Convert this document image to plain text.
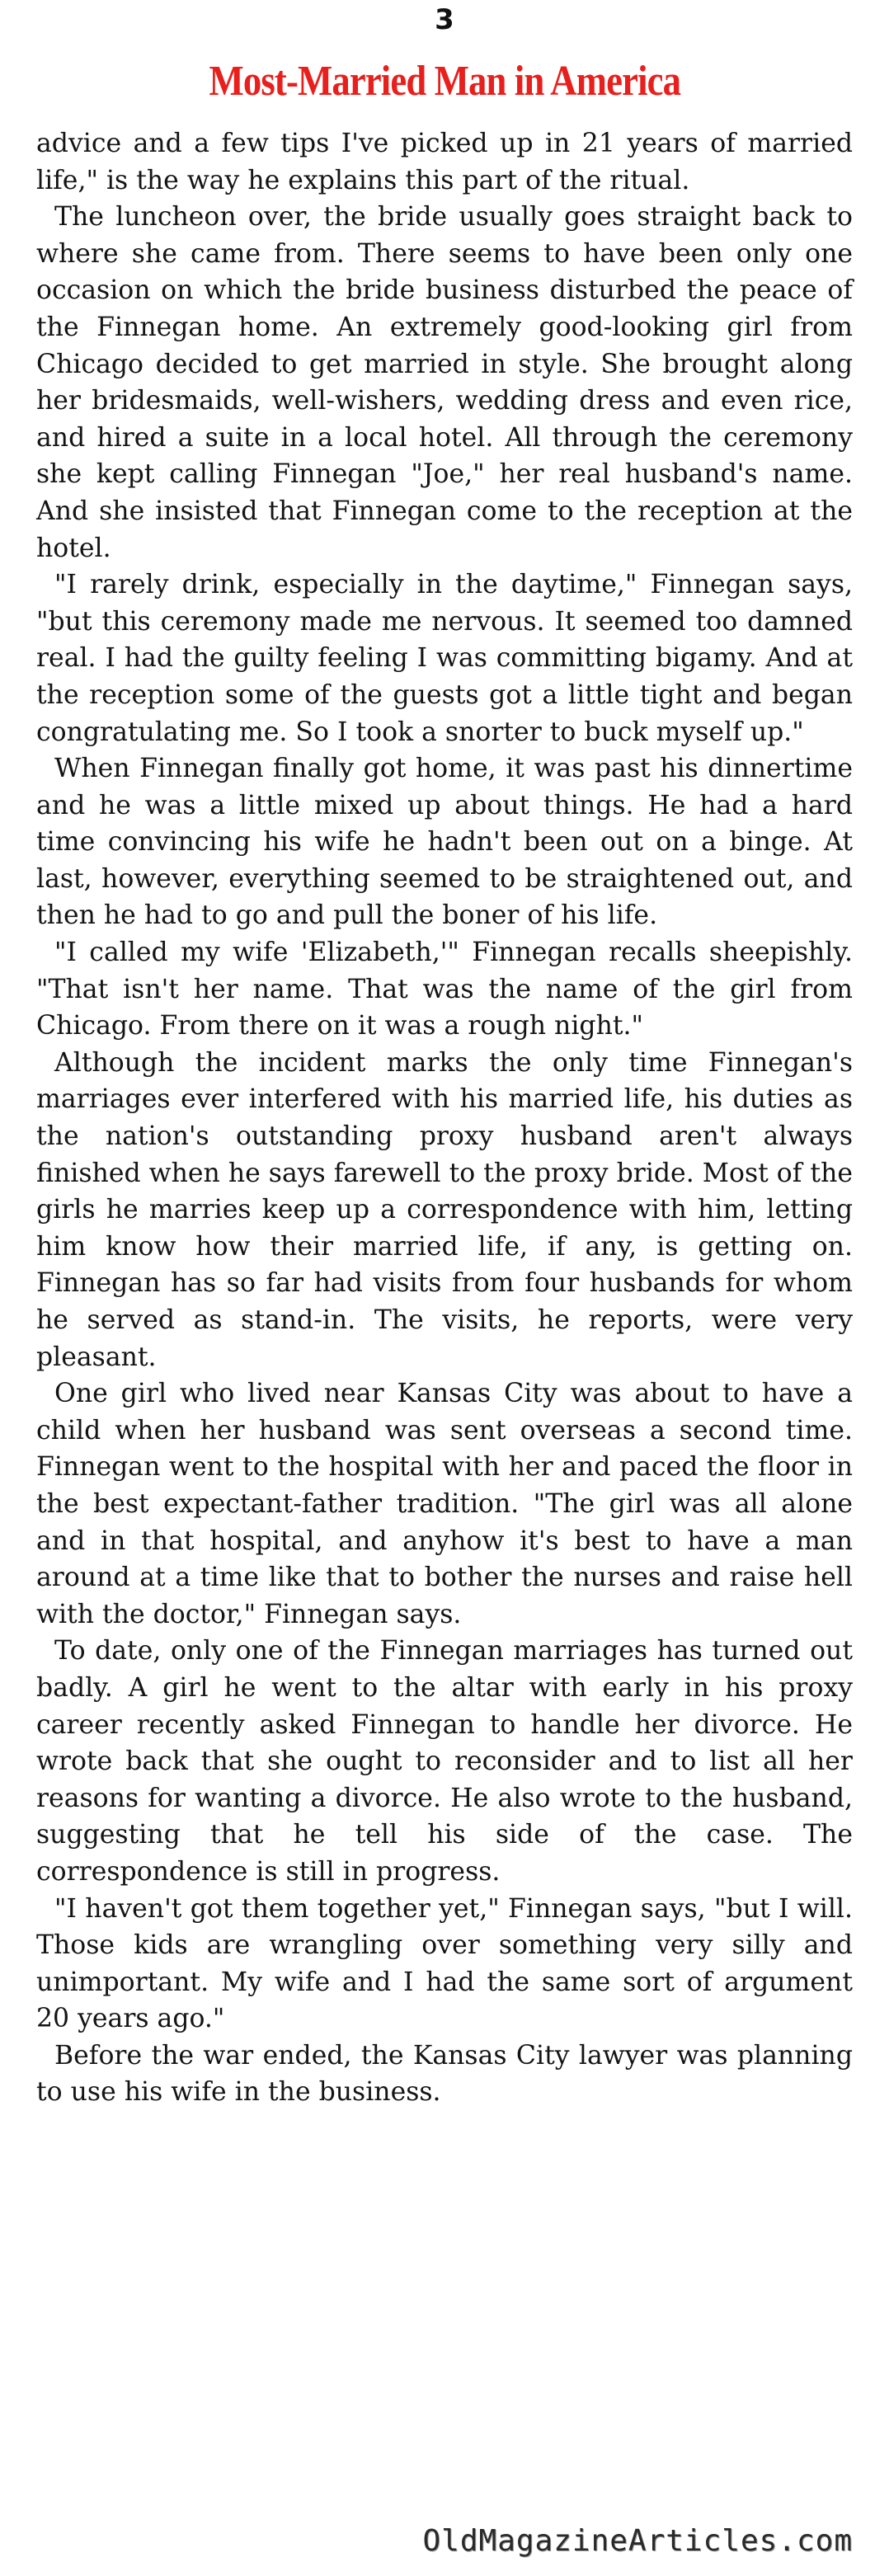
3
Most-Married Man in America

advice and a few tips I've picked up in 21 years of married life," is the way he explains this part of the ritual.

The luncheon over, the bride usually goes straight back to where she came from. There seems to have been only one occasion on which the bride business disturbed the peace of the Finnegan home. An extremely good-looking girl from Chicago decided to get married in style. She brought along her bridesmaids, well-wishers, wedding dress and even rice, and hired a suite in a local hotel. All through the ceremony she kept calling Finnegan "Joe," her real husband's name. And she insisted that Finnegan come to the reception at the hotel.

"I rarely drink, especially in the daytime," Finnegan says, "but this ceremony made me nervous. It seemed too damned real. I had the guilty feeling I was committing bigamy. And at the reception some of the guests got a little tight and began congratulating me. So I took a snorter to buck myself up."

When Finnegan finally got home, it was past his dinnertime and he was a little mixed up about things. He had a hard time convincing his wife he hadn't been out on a binge. At last, however, everything seemed to be straightened out, and then he had to go and pull the boner of his life.

"I called my wife 'Elizabeth,'" Finnegan recalls sheepishly. "That isn't her name. That was the name of the girl from Chicago. From there on it was a rough night."

Although the incident marks the only time Finnegan's marriages ever interfered with his married life, his duties as the nation's outstanding proxy husband aren't always finished when he says farewell to the proxy bride. Most of the girls he marries keep up a correspondence with him, letting him know how their married life, if any, is getting on. Finnegan has so far had visits from four husbands for whom he served as stand-in. The visits, he reports, were very pleasant.

One girl who lived near Kansas City was about to have a child when her husband was sent overseas a second time. Finnegan went to the hospital with her and paced the floor in the best expectant-father tradition. "The girl was all alone and in that hospital, and anyhow it's best to have a man around at a time like that to bother the nurses and raise hell with the doctor," Finnegan says.

To date, only one of the Finnegan marriages has turned out badly. A girl he went to the altar with early in his proxy career recently asked Finnegan to handle her divorce. He wrote back that she ought to reconsider and to list all her reasons for wanting a divorce. He also wrote to the husband, suggesting that he tell his side of the case. The correspondence is still in progress.

"I haven't got them together yet," Finnegan says, "but I will. Those kids are wrangling over something very silly and unimportant. My wife and I had the same sort of argument 20 years ago."

Before the war ended, the Kansas City lawyer was planning to use his wife in the business.

OldMagazineArticles.com
